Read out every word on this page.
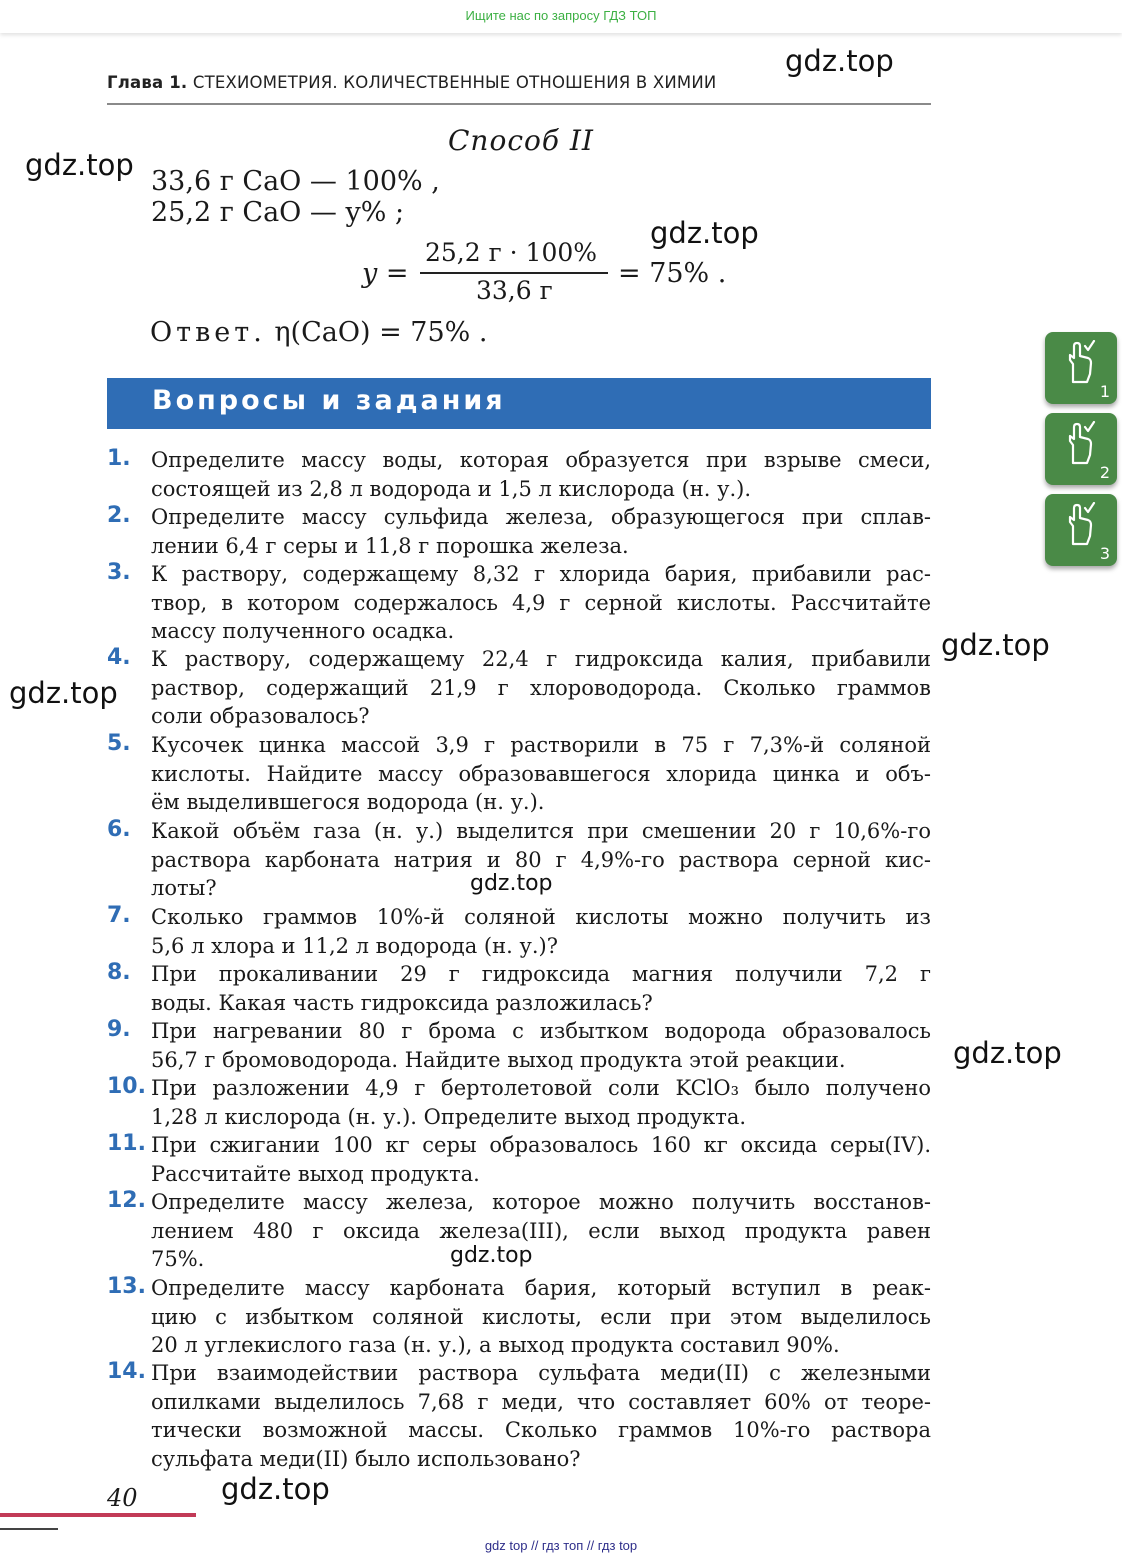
Ищите нас по запросу ГДЗ ТОП
Глава 1. СТЕХИОМЕТРИЯ. КОЛИЧЕСТВЕННЫЕ ОТНОШЕНИЯ В ХИМИИ
Способ II
33,6 г CaO — 100% ,
25,2 г CaO — y% ;
y =
25,2 г · 100%
33,6 г
= 75% .
Ответ. η(CaO) = 75% .
Вопросы и задания
1. Определите массу воды, которая образуется при взрыве смеси,
состоящей из 2,8 л водорода и 1,5 л кислорода (н. у.).
2. Определите массу сульфида железа, образующегося при сплав-
лении 6,4 г серы и 11,8 г порошка железа.
3. К раствору, содержащему 8,32 г хлорида бария, прибавили рас-
твор, в котором содержалось 4,9 г серной кислоты. Рассчитайте
массу полученного осадка.
4. К раствору, содержащему 22,4 г гидроксида калия, прибавили
раствор, содержащий 21,9 г хлороводорода. Сколько граммов
соли образовалось?
5. Кусочек цинка массой 3,9 г растворили в 75 г 7,3%-й соляной
кислоты. Найдите массу образовавшегося хлорида цинка и объ-
ём выделившегося водорода (н. у.).
6. Какой объём газа (н. у.) выделится при смешении 20 г 10,6%-го
раствора карбоната натрия и 80 г 4,9%-го раствора серной кис-
лоты?
7. Сколько граммов 10%-й соляной кислоты можно получить из
5,6 л хлора и 11,2 л водорода (н. у.)?
8. При прокаливании 29 г гидроксида магния получили 7,2 г
воды. Какая часть гидроксида разложилась?
9. При нагревании 80 г брома с избытком водорода образовалось
56,7 г бромоводорода. Найдите выход продукта этой реакции.
10. При разложении 4,9 г бертолетовой соли KClO₃ было получено
1,28 л кислорода (н. у.). Определите выход продукта.
11. При сжигании 100 кг серы образовалось 160 кг оксида серы(IV).
Рассчитайте выход продукта.
12. Определите массу железа, которое можно получить восстанов-
лением 480 г оксида железа(III), если выход продукта равен
75%.
13. Определите массу карбоната бария, который вступил в реак-
цию с избытком соляной кислоты, если при этом выделилось
20 л углекислого газа (н. у.), а выход продукта составил 90%.
14. При взаимодействии раствора сульфата меди(II) с железными
опилками выделилось 7,68 г меди, что составляет 60% от теоре-
тически возможной массы. Сколько граммов 10%-го раствора
сульфата меди(II) было использовано?
1
2
3
gdz.top
gdz.top
gdz.top
gdz.top
gdz.top
gdz.top
gdz.top
gdz.top
gdz.top
40
gdz top // гдз топ // гдз top
